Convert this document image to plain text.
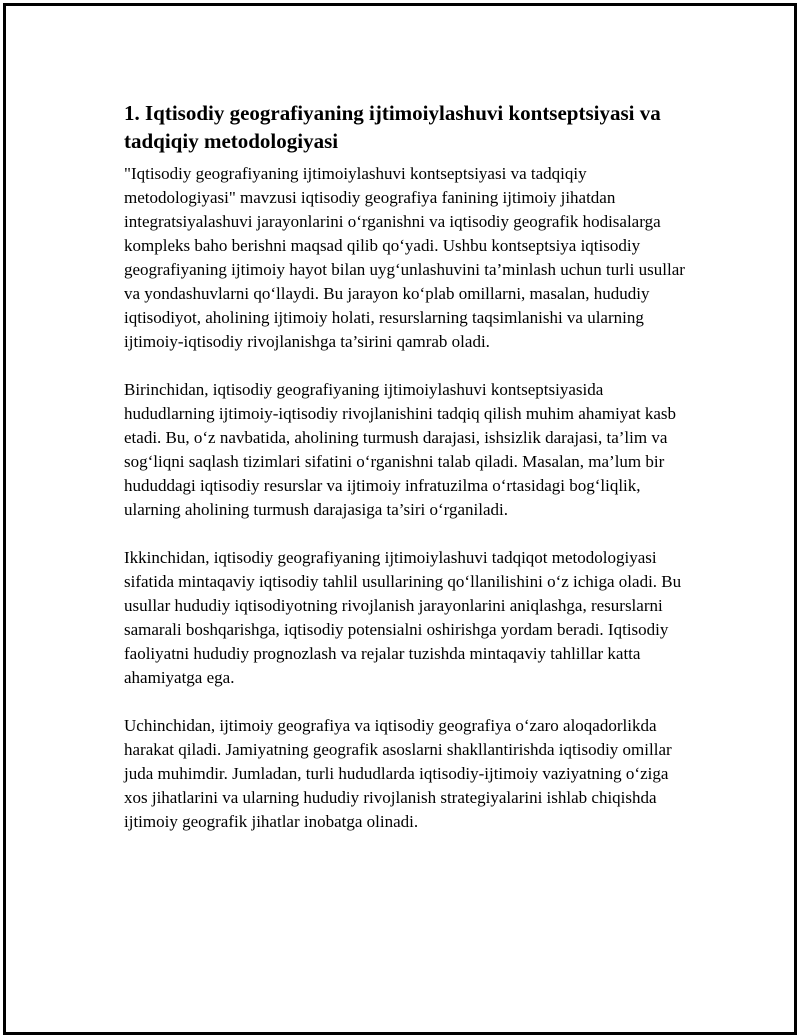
1. Iqtisodiy geografiyaning ijtimoiylashuvi kontseptsiyasi va tadqiqiy metodologiyasi

"Iqtisodiy geografiyaning ijtimoiylashuvi kontseptsiyasi va tadqiqiy metodologiyasi" mavzusi iqtisodiy geografiya fanining ijtimoiy jihatdan integratsiyalashuvi jarayonlarini o‘rganishni va iqtisodiy geografik hodisalarga kompleks baho berishni maqsad qilib qo‘yadi. Ushbu kontseptsiya iqtisodiy geografiyaning ijtimoiy hayot bilan uyg‘unlashuvini ta’minlash uchun turli usullar va yondashuvlarni qo‘llaydi. Bu jarayon ko‘plab omillarni, masalan, hududiy iqtisodiyot, aholining ijtimoiy holati, resurslarning taqsimlanishi va ularning ijtimoiy-iqtisodiy rivojlanishga ta’sirini qamrab oladi.

Birinchidan, iqtisodiy geografiyaning ijtimoiylashuvi kontseptsiyasida hududlarning ijtimoiy-iqtisodiy rivojlanishini tadqiq qilish muhim ahamiyat kasb etadi. Bu, o‘z navbatida, aholining turmush darajasi, ishsizlik darajasi, ta’lim va sog‘liqni saqlash tizimlari sifatini o‘rganishni talab qiladi. Masalan, ma’lum bir hududdagi iqtisodiy resurslar va ijtimoiy infratuzilma o‘rtasidagi bog‘liqlik, ularning aholining turmush darajasiga ta’siri o‘rganiladi.

Ikkinchidan, iqtisodiy geografiyaning ijtimoiylashuvi tadqiqot metodologiyasi sifatida mintaqaviy iqtisodiy tahlil usullarining qo‘llanilishini o‘z ichiga oladi. Bu usullar hududiy iqtisodiyotning rivojlanish jarayonlarini aniqlashga, resurslarni samarali boshqarishga, iqtisodiy potensialni oshirishga yordam beradi. Iqtisodiy faoliyatni hududiy prognozlash va rejalar tuzishda mintaqaviy tahlillar katta ahamiyatga ega.

Uchinchidan, ijtimoiy geografiya va iqtisodiy geografiya o‘zaro aloqadorlikda harakat qiladi. Jamiyatning geografik asoslarni shakllantirishda iqtisodiy omillar juda muhimdir. Jumladan, turli hududlarda iqtisodiy-ijtimoiy vaziyatning o‘ziga xos jihatlarini va ularning hududiy rivojlanish strategiyalarini ishlab chiqishda ijtimoiy geografik jihatlar inobatga olinadi.
